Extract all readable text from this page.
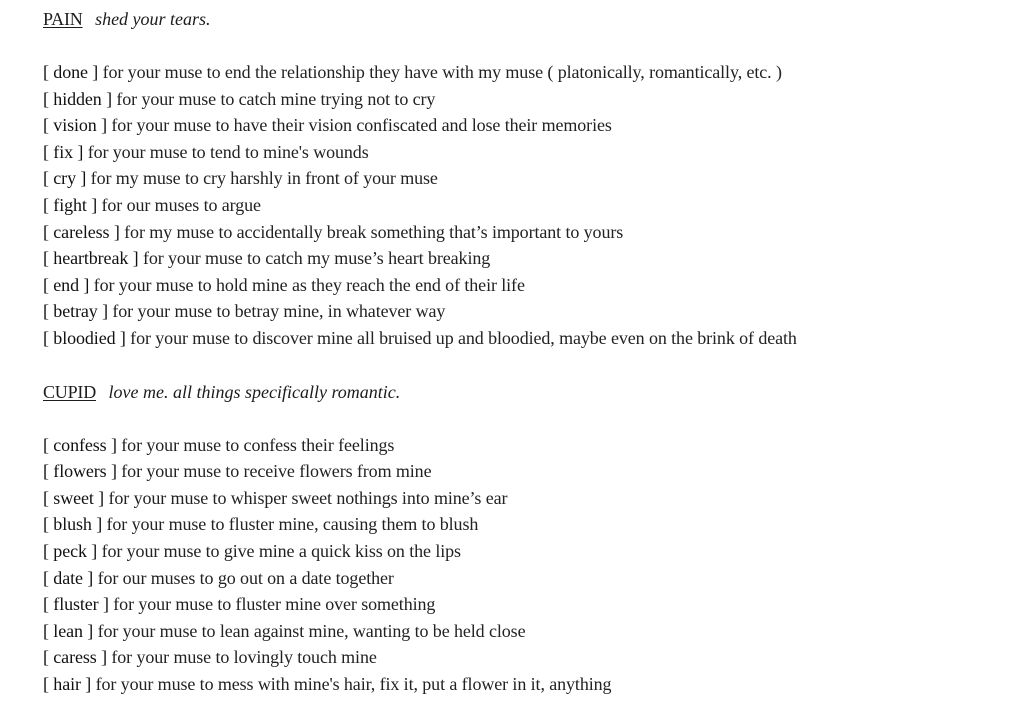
PAIN shed your tears.
[ done ] for your muse to end the relationship they have with my muse ( platonically, romantically, etc. )
[ hidden ] for your muse to catch mine trying not to cry
[ vision ] for your muse to have their vision confiscated and lose their memories
[ fix ] for your muse to tend to mine's wounds
[ cry ] for my muse to cry harshly in front of your muse
[ fight ] for our muses to argue
[ careless ] for my muse to accidentally break something that’s important to yours
[ heartbreak ] for your muse to catch my muse’s heart breaking
[ end ] for your muse to hold mine as they reach the end of their life
[ betray ] for your muse to betray mine, in whatever way
[ bloodied ] for your muse to discover mine all bruised up and bloodied, maybe even on the brink of death
CUPID love me. all things specifically romantic.
[ confess ] for your muse to confess their feelings
[ flowers ] for your muse to receive flowers from mine
[ sweet ] for your muse to whisper sweet nothings into mine’s ear
[ blush ] for your muse to fluster mine, causing them to blush
[ peck ] for your muse to give mine a quick kiss on the lips
[ date ] for our muses to go out on a date together
[ fluster ] for your muse to fluster mine over something
[ lean ] for your muse to lean against mine, wanting to be held close
[ caress ] for your muse to lovingly touch mine
[ hair ] for your muse to mess with mine's hair, fix it, put a flower in it, anything
